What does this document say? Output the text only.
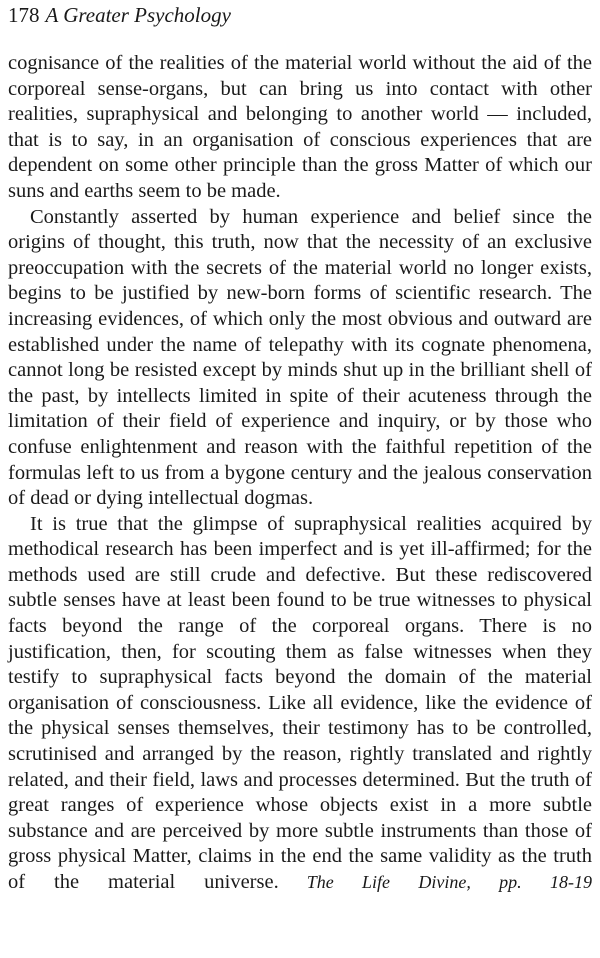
178 A Greater Psychology

cognisance of the realities of the material world without the aid of the corporeal sense-organs, but can bring us into contact with other realities, supraphysical and belonging to another world — included, that is to say, in an organisation of conscious experiences that are dependent on some other principle than the gross Matter of which our suns and earths seem to be made.

Constantly asserted by human experience and belief since the origins of thought, this truth, now that the necessity of an exclusive preoccupation with the secrets of the material world no longer exists, begins to be justified by new-born forms of scientific research. The increasing evidences, of which only the most obvious and outward are established under the name of telepathy with its cognate phenomena, cannot long be resisted except by minds shut up in the brilliant shell of the past, by intellects limited in spite of their acuteness through the limitation of their field of experience and inquiry, or by those who confuse enlightenment and reason with the faithful repetition of the formulas left to us from a bygone century and the jealous conservation of dead or dying intellectual dogmas.

It is true that the glimpse of supraphysical realities acquired by methodical research has been imperfect and is yet ill-affirmed; for the methods used are still crude and defective. But these rediscovered subtle senses have at least been found to be true witnesses to physical facts beyond the range of the corporeal organs. There is no justification, then, for scouting them as false witnesses when they testify to supraphysical facts beyond the domain of the material organisation of consciousness. Like all evidence, like the evidence of the physical senses themselves, their testimony has to be controlled, scrutinised and arranged by the reason, rightly translated and rightly related, and their field, laws and processes determined. But the truth of great ranges of experience whose objects exist in a more subtle substance and are perceived by more subtle instruments than those of gross physical Matter, claims in the end the same validity as the truth of the material universe. The Life Divine, pp. 18-19
